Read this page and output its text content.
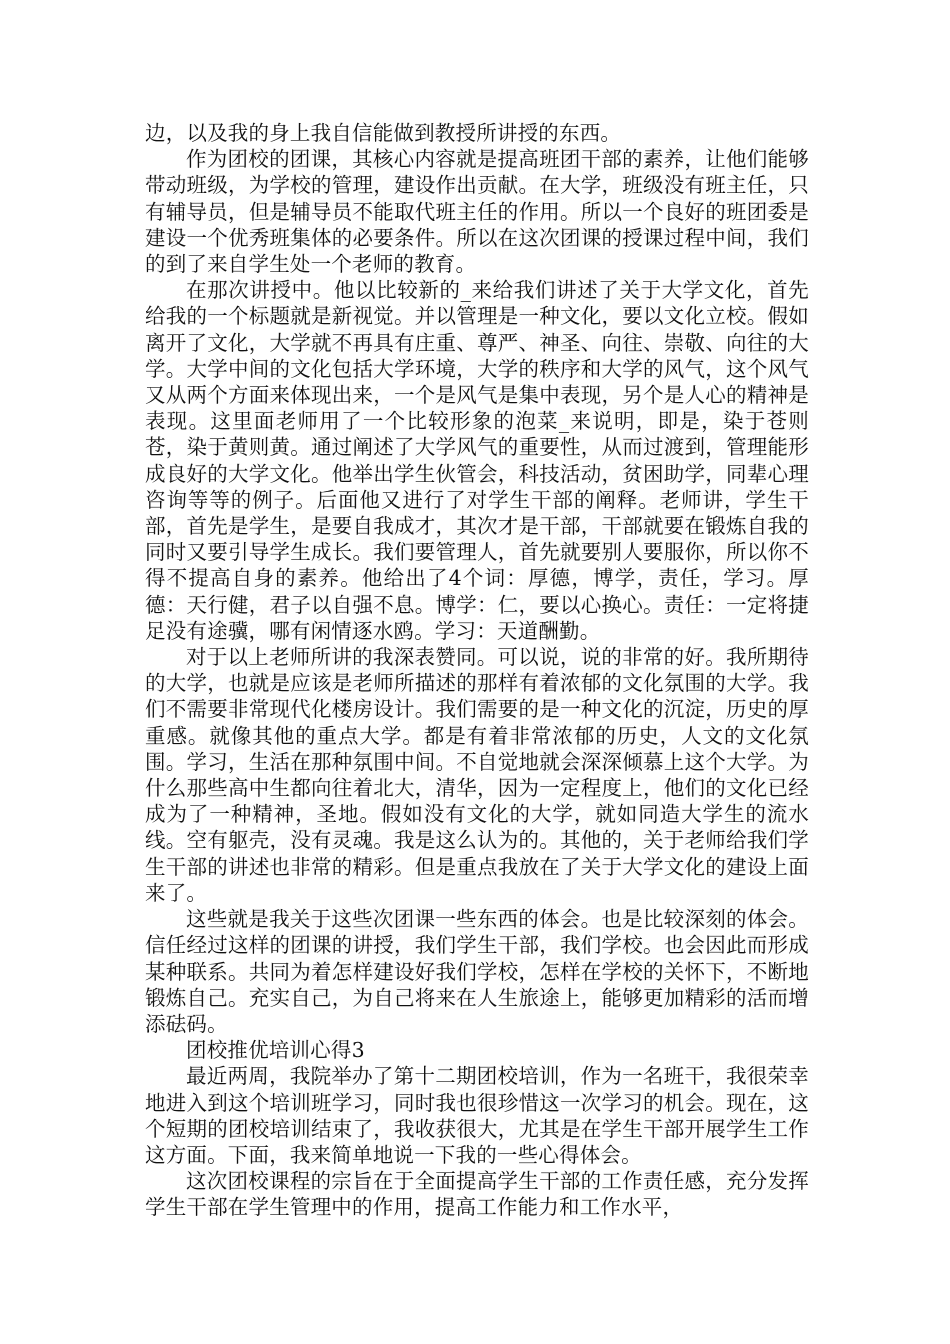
边，以及我的身上我自信能做到教授所讲授的东西。

作为团校的团课，其核心内容就是提高班团干部的素养，让他们能够带动班级，为学校的管理，建设作出贡献。在大学，班级没有班主任，只有辅导员，但是辅导员不能取代班主任的作用。所以一个良好的班团委是建设一个优秀班集体的必要条件。所以在这次团课的授课过程中间，我们的到了来自学生处一个老师的教育。

在那次讲授中。他以比较新的_来给我们讲述了关于大学文化，首先给我的一个标题就是新视觉。并以管理是一种文化，要以文化立校。假如离开了文化，大学就不再具有庄重、尊严、神圣、向往、崇敬、向往的大学。大学中间的文化包括大学环境，大学的秩序和大学的风气，这个风气又从两个方面来体现出来，一个是风气是集中表现，另个是人心的精神是表现。这里面老师用了一个比较形象的泡菜_来说明，即是，染于苍则苍，染于黄则黄。通过阐述了大学风气的重要性，从而过渡到，管理能形成良好的大学文化。他举出学生伙管会，科技活动，贫困助学，同辈心理咨询等等的例子。后面他又进行了对学生干部的阐释。老师讲，学生干部，首先是学生，是要自我成才，其次才是干部，干部就要在锻炼自我的同时又要引导学生成长。我们要管理人，首先就要别人要服你，所以你不得不提高自身的素养。他给出了4个词：厚德，博学，责任，学习。厚德：天行健，君子以自强不息。博学：仁，要以心换心。责任：一定将捷足没有途骥，哪有闲情逐水鸥。学习：天道酬勤。

对于以上老师所讲的我深表赞同。可以说，说的非常的好。我所期待的大学，也就是应该是老师所描述的那样有着浓郁的文化氛围的大学。我们不需要非常现代化楼房设计。我们需要的是一种文化的沉淀，历史的厚重感。就像其他的重点大学。都是有着非常浓郁的历史，人文的文化氛围。学习，生活在那种氛围中间。不自觉地就会深深倾慕上这个大学。为什么那些高中生都向往着北大，清华，因为一定程度上，他们的文化已经成为了一种精神，圣地。假如没有文化的大学，就如同造大学生的流水线。空有躯壳，没有灵魂。我是这么认为的。其他的，关于老师给我们学生干部的讲述也非常的精彩。但是重点我放在了关于大学文化的建设上面来了。

这些就是我关于这些次团课一些东西的体会。也是比较深刻的体会。信任经过这样的团课的讲授，我们学生干部，我们学校。也会因此而形成某种联系。共同为着怎样建设好我们学校，怎样在学校的关怀下，不断地锻炼自己。充实自己，为自己将来在人生旅途上，能够更加精彩的活而增添砝码。

团校推优培训心得3

最近两周，我院举办了第十二期团校培训，作为一名班干，我很荣幸地进入到这个培训班学习，同时我也很珍惜这一次学习的机会。现在，这个短期的团校培训结束了，我收获很大，尤其是在学生干部开展学生工作这方面。下面，我来简单地说一下我的一些心得体会。

这次团校课程的宗旨在于全面提高学生干部的工作责任感，充分发挥学生干部在学生管理中的作用，提高工作能力和工作水平，
